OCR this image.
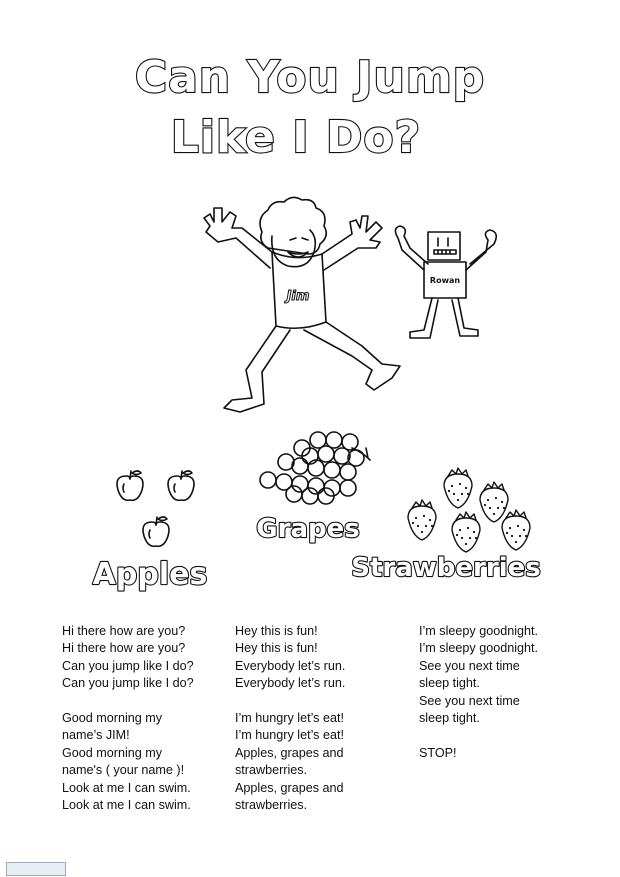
Can You Jump
Like I Do?
Jim
Rowan
Apples
Grapes
Strawberries
Hi there how are you?
Hi there how are you?
Can you jump like I do?
Can you jump like I do?
Good morning my
name’s JIM!
Good morning my
name's ( your name )!
Look at me I can swim.
Look at me I can swim.
Hey this is fun!
Hey this is fun!
Everybody let’s run.
Everybody let’s run.
I’m hungry let’s eat!
I’m hungry let’s eat!
Apples, grapes and
strawberries.
Apples, grapes and
strawberries.
I’m sleepy goodnight.
I’m sleepy goodnight.
See you next time
sleep tight.
See you next time
sleep tight.
STOP!
